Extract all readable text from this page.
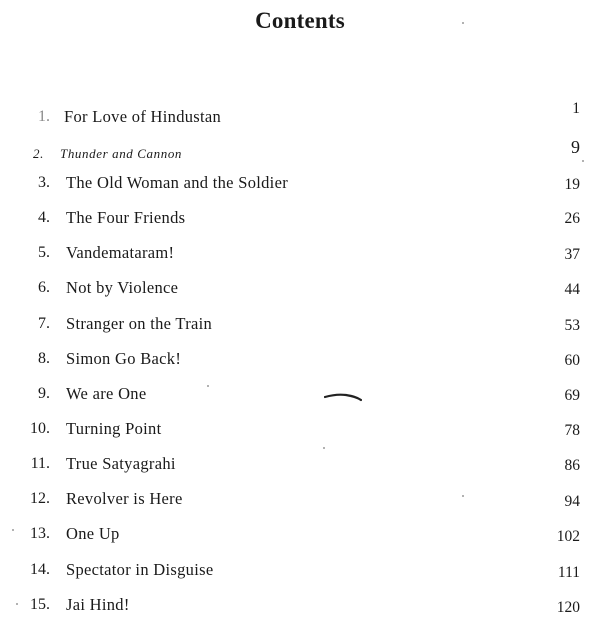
Contents
1. For Love of Hindustan	1
2. Thunder and Cannon	9
3. The Old Woman and the Soldier	19
4. The Four Friends	26
5. Vandemataram!	37
6. Not by Violence	44
7. Stranger on the Train	53
8. Simon Go Back!	60
9. We are One	69
10. Turning Point	78
11. True Satyagrahi	86
12. Revolver is Here	94
13. One Up	102
14. Spectator in Disguise	111
15. Jai Hind!	120
